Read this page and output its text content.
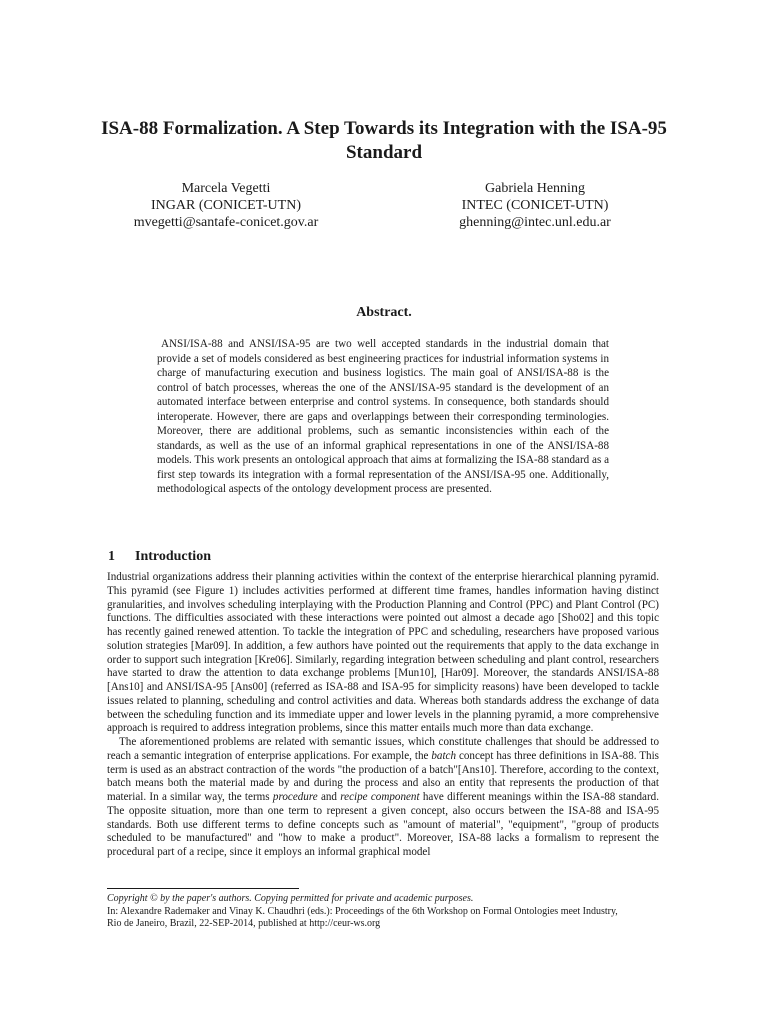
ISA-88 Formalization. A Step Towards its Integration with the ISA-95 Standard
Marcela Vegetti
INGAR (CONICET-UTN)
mvegetti@santafe-conicet.gov.ar
Gabriela Henning
INTEC (CONICET-UTN)
ghenning@intec.unl.edu.ar
Abstract.

ANSI/ISA-88 and ANSI/ISA-95 are two well accepted standards in the industrial domain that provide a set of models considered as best engineering practices for industrial information systems in charge of manufacturing execution and business logistics. The main goal of ANSI/ISA-88 is the control of batch processes, whereas the one of the ANSI/ISA-95 standard is the development of an automated interface between enterprise and control systems. In consequence, both standards should interoperate. However, there are gaps and overlappings between their corresponding terminologies. Moreover, there are additional problems, such as semantic inconsistencies within each of the standards, as well as the use of an informal graphical representations in one of the ANSI/ISA-88 models. This work presents an ontological approach that aims at formalizing the ISA-88 standard as a first step towards its integration with a formal representation of the ANSI/ISA-95 one. Additionally, methodological aspects of the ontology development process are presented.

1 Introduction

Industrial organizations address their planning activities within the context of the enterprise hierarchical planning pyramid. This pyramid (see Figure 1) includes activities performed at different time frames, handles information having distinct granularities, and involves scheduling interplaying with the Production Planning and Control (PPC) and Plant Control (PC) functions. The difficulties associated with these interactions were pointed out almost a decade ago [Sho02] and this topic has recently gained renewed attention. To tackle the integration of PPC and scheduling, researchers have proposed various solution strategies [Mar09]. In addition, a few authors have pointed out the requirements that apply to the data exchange in order to support such integration [Kre06]. Similarly, regarding integration between scheduling and plant control, researchers have started to draw the attention to data exchange problems [Mun10], [Har09]. Moreover, the standards ANSI/ISA-88 [Ans10] and ANSI/ISA-95 [Ans00] (referred as ISA-88 and ISA-95 for simplicity reasons) have been developed to tackle issues related to planning, scheduling and control activities and data. Whereas both standards address the exchange of data between the scheduling function and its immediate upper and lower levels in the planning pyramid, a more comprehensive approach is required to address integration problems, since this matter entails much more than data exchange.

The aforementioned problems are related with semantic issues, which constitute challenges that should be addressed to reach a semantic integration of enterprise applications. For example, the batch concept has three definitions in ISA-88. This term is used as an abstract contraction of the words "the production of a batch"[Ans10]. Therefore, according to the context, batch means both the material made by and during the process and also an entity that represents the production of that material. In a similar way, the terms procedure and recipe component have different meanings within the ISA-88 standard. The opposite situation, more than one term to represent a given concept, also occurs between the ISA-88 and ISA-95 standards. Both use different terms to define concepts such as "amount of material", "equipment", "group of products scheduled to be manufactured" and "how to make a product". Moreover, ISA-88 lacks a formalism to represent the procedural part of a recipe, since it employs an informal graphical model

Copyright © by the paper's authors. Copying permitted for private and academic purposes.
In: Alexandre Rademaker and Vinay K. Chaudhri (eds.): Proceedings of the 6th Workshop on Formal Ontologies meet Industry,
Rio de Janeiro, Brazil, 22-SEP-2014, published at http://ceur-ws.org
